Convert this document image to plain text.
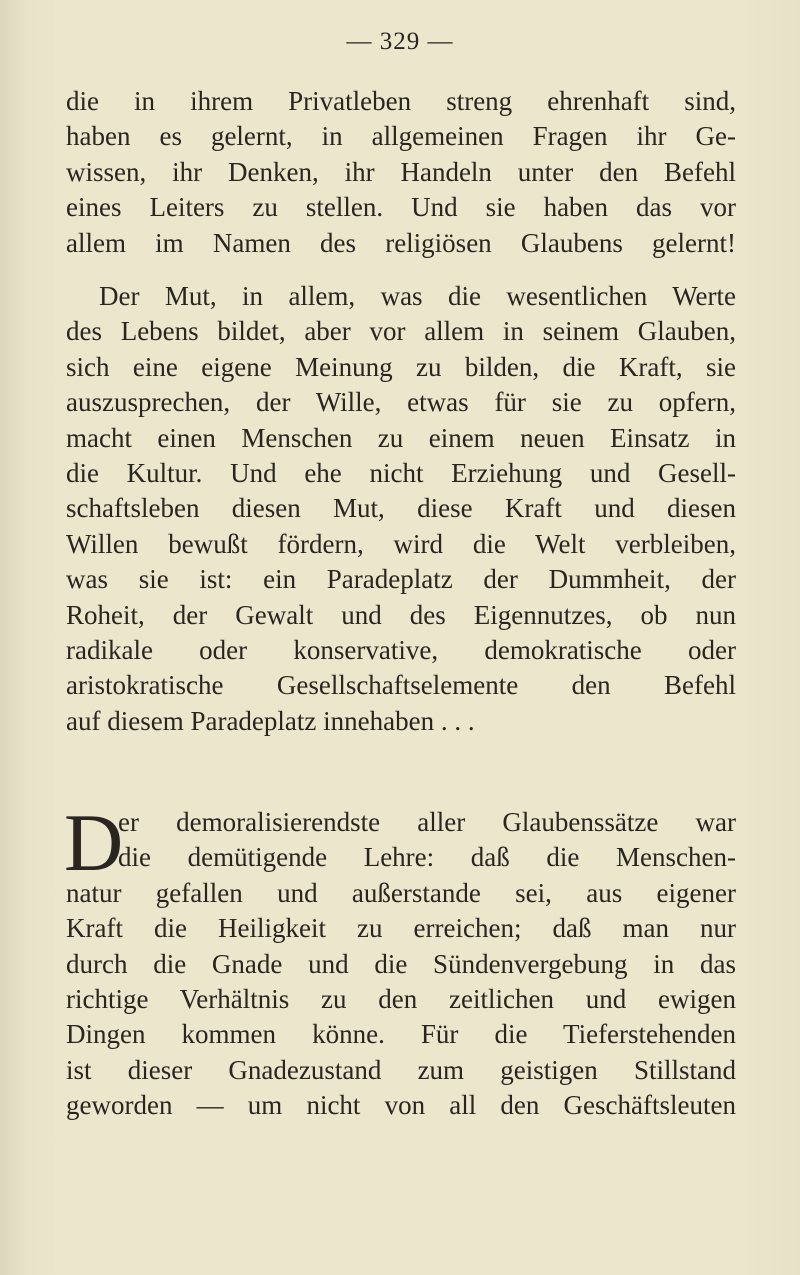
— 329 —
die in ihrem Privatleben streng ehrenhaft sind,
haben es gelernt, in allgemeinen Fragen ihr Ge-
wissen, ihr Denken, ihr Handeln unter den Befehl
eines Leiters zu stellen. Und sie haben das vor
allem im Namen des religiösen Glaubens gelernt!
Der Mut, in allem, was die wesentlichen Werte
des Lebens bildet, aber vor allem in seinem Glauben,
sich eine eigene Meinung zu bilden, die Kraft, sie
auszusprechen, der Wille, etwas für sie zu opfern,
macht einen Menschen zu einem neuen Einsatz in
die Kultur. Und ehe nicht Erziehung und Gesell-
schaftsleben diesen Mut, diese Kraft und diesen
Willen bewußt fördern, wird die Welt verbleiben,
was sie ist: ein Paradeplatz der Dummheit, der
Roheit, der Gewalt und des Eigennutzes, ob nun
radikale oder konservative, demokratische oder
aristokratische Gesellschaftselemente den Befehl
auf diesem Paradeplatz innehaben . . .
D
er demoralisierendste aller Glaubenssätze war
die demütigende Lehre: daß die Menschen-
natur gefallen und außerstande sei, aus eigener
Kraft die Heiligkeit zu erreichen; daß man nur
durch die Gnade und die Sündenvergebung in das
richtige Verhältnis zu den zeitlichen und ewigen
Dingen kommen könne. Für die Tieferstehenden
ist dieser Gnadezustand zum geistigen Stillstand
geworden — um nicht von all den Geschäftsleuten
